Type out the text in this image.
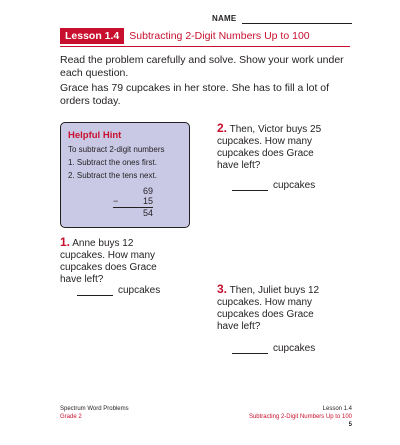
NAME
Lesson 1.4 Subtracting 2-Digit Numbers Up to 100
Read the problem carefully and solve. Show your work under each question.
Grace has 79 cupcakes in her store. She has to fill a lot of orders today.
Helpful Hint
To subtract 2-digit numbers
1. Subtract the ones first.
2. Subtract the tens next.
69
−	15
54
1. Anne buys 12 cupcakes. How many cupcakes does Grace have left?
cupcakes
2. Then, Victor buys 25 cupcakes. How many cupcakes does Grace have left?
cupcakes
3. Then, Juliet buys 12 cupcakes. How many cupcakes does Grace have left?
cupcakes
Spectrum Word Problems
Grade 2
Lesson 1.4
Subtracting 2-Digit Numbers Up to 100
5
